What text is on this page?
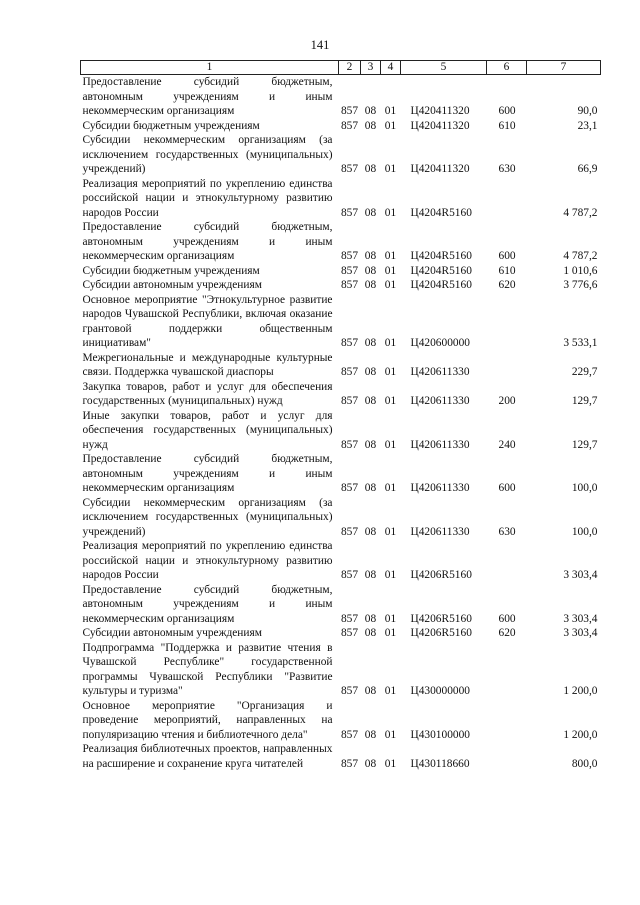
141
1	2	3	4	5	6	7
Предоставление субсидий бюджетным, автономным учреждениям и иным некоммерческим организациям	857	08	01	Ц420411320	600	90,0
Субсидии бюджетным учреждениям	857	08	01	Ц420411320	610	23,1
Субсидии некоммерческим организациям (за исключением государственных (муниципальных) учреждений)	857	08	01	Ц420411320	630	66,9
Реализация мероприятий по укреплению единства российской нации и этнокультурному развитию народов России	857	08	01	Ц4204R5160		4 787,2
Предоставление субсидий бюджетным, автономным учреждениям и иным некоммерческим организациям	857	08	01	Ц4204R5160	600	4 787,2
Субсидии бюджетным учреждениям	857	08	01	Ц4204R5160	610	1 010,6
Субсидии автономным учреждениям	857	08	01	Ц4204R5160	620	3 776,6
Основное мероприятие "Этнокультурное развитие народов Чувашской Республики, включая оказание грантовой поддержки общественным инициативам"	857	08	01	Ц420600000		3 533,1
Межрегиональные и международные культурные связи. Поддержка чувашской диаспоры	857	08	01	Ц420611330		229,7
Закупка товаров, работ и услуг для обеспечения государственных (муниципальных) нужд	857	08	01	Ц420611330	200	129,7
Иные закупки товаров, работ и услуг для обеспечения государственных (муниципальных) нужд	857	08	01	Ц420611330	240	129,7
Предоставление субсидий бюджетным, автономным учреждениям и иным некоммерческим организациям	857	08	01	Ц420611330	600	100,0
Субсидии некоммерческим организациям (за исключением государственных (муниципальных) учреждений)	857	08	01	Ц420611330	630	100,0
Реализация мероприятий по укреплению единства российской нации и этнокультурному развитию народов России	857	08	01	Ц4206R5160		3 303,4
Предоставление субсидий бюджетным, автономным учреждениям и иным некоммерческим организациям	857	08	01	Ц4206R5160	600	3 303,4
Субсидии автономным учреждениям	857	08	01	Ц4206R5160	620	3 303,4
Подпрограмма "Поддержка и развитие чтения в Чувашской Республике" государственной программы Чувашской Республики "Развитие культуры и туризма"	857	08	01	Ц430000000		1 200,0
Основное мероприятие "Организация и проведение мероприятий, направленных на популяризацию чтения и библиотечного дела"	857	08	01	Ц430100000		1 200,0
Реализация библиотечных проектов, направленных на расширение и сохранение круга читателей	857	08	01	Ц430118660		800,0
